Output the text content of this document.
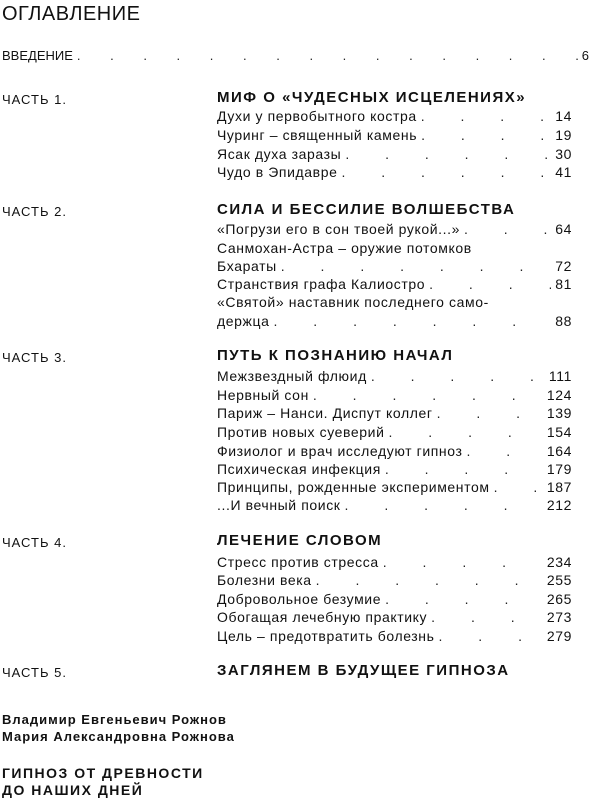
ОГЛАВЛЕНИЕ
ВВЕДЕНИЕ . . .	6
ЧАСТЬ 1.	МИФ О «ЧУДЕСНЫХ ИСЦЕЛЕНИЯХ»
Духи у первобытного костра . . .	14
Чуринг – священный камень . . .	19
Ясак духа заразы . . .	30
Чудо в Эпидавре . . .	41
ЧАСТЬ 2.	СИЛА И БЕССИЛИЕ ВОЛШЕБСТВА
«Погрузи его в сон твоей рукой...» . . .	64
Санмохан-Астра – оружие потомков
Бхараты . . .	72
Странствия графа Калиостро . . .	81
«Святой» наставник последнего само-
держца . . .	88
ЧАСТЬ 3.	ПУТЬ К ПОЗНАНИЮ НАЧАЛ
Межзвездный флюид . . .	111
Нервный сон . . .	124
Париж – Нанси. Диспут коллег . . .	139
Против новых суеверий . . .	154
Физиолог и врач исследуют гипноз . . .	164
Психическая инфекция . . .	179
Принципы, рожденные экспериментом . . .	187
...И вечный поиск . . .	212
ЧАСТЬ 4.	ЛЕЧЕНИЕ СЛОВОМ
Стресс против стресса . . .	234
Болезни века . . .	255
Добровольное безумие . . .	265
Обогащая лечебную практику . . .	273
Цель – предотвратить болезнь . . .	279
ЧАСТЬ 5.	ЗАГЛЯНЕМ В БУДУЩЕЕ ГИПНОЗА
Владимир Евгеньевич Рожнов
Мария Александровна Рожнова
ГИПНОЗ ОТ ДРЕВНОСТИ
ДО НАШИХ ДНЕЙ
